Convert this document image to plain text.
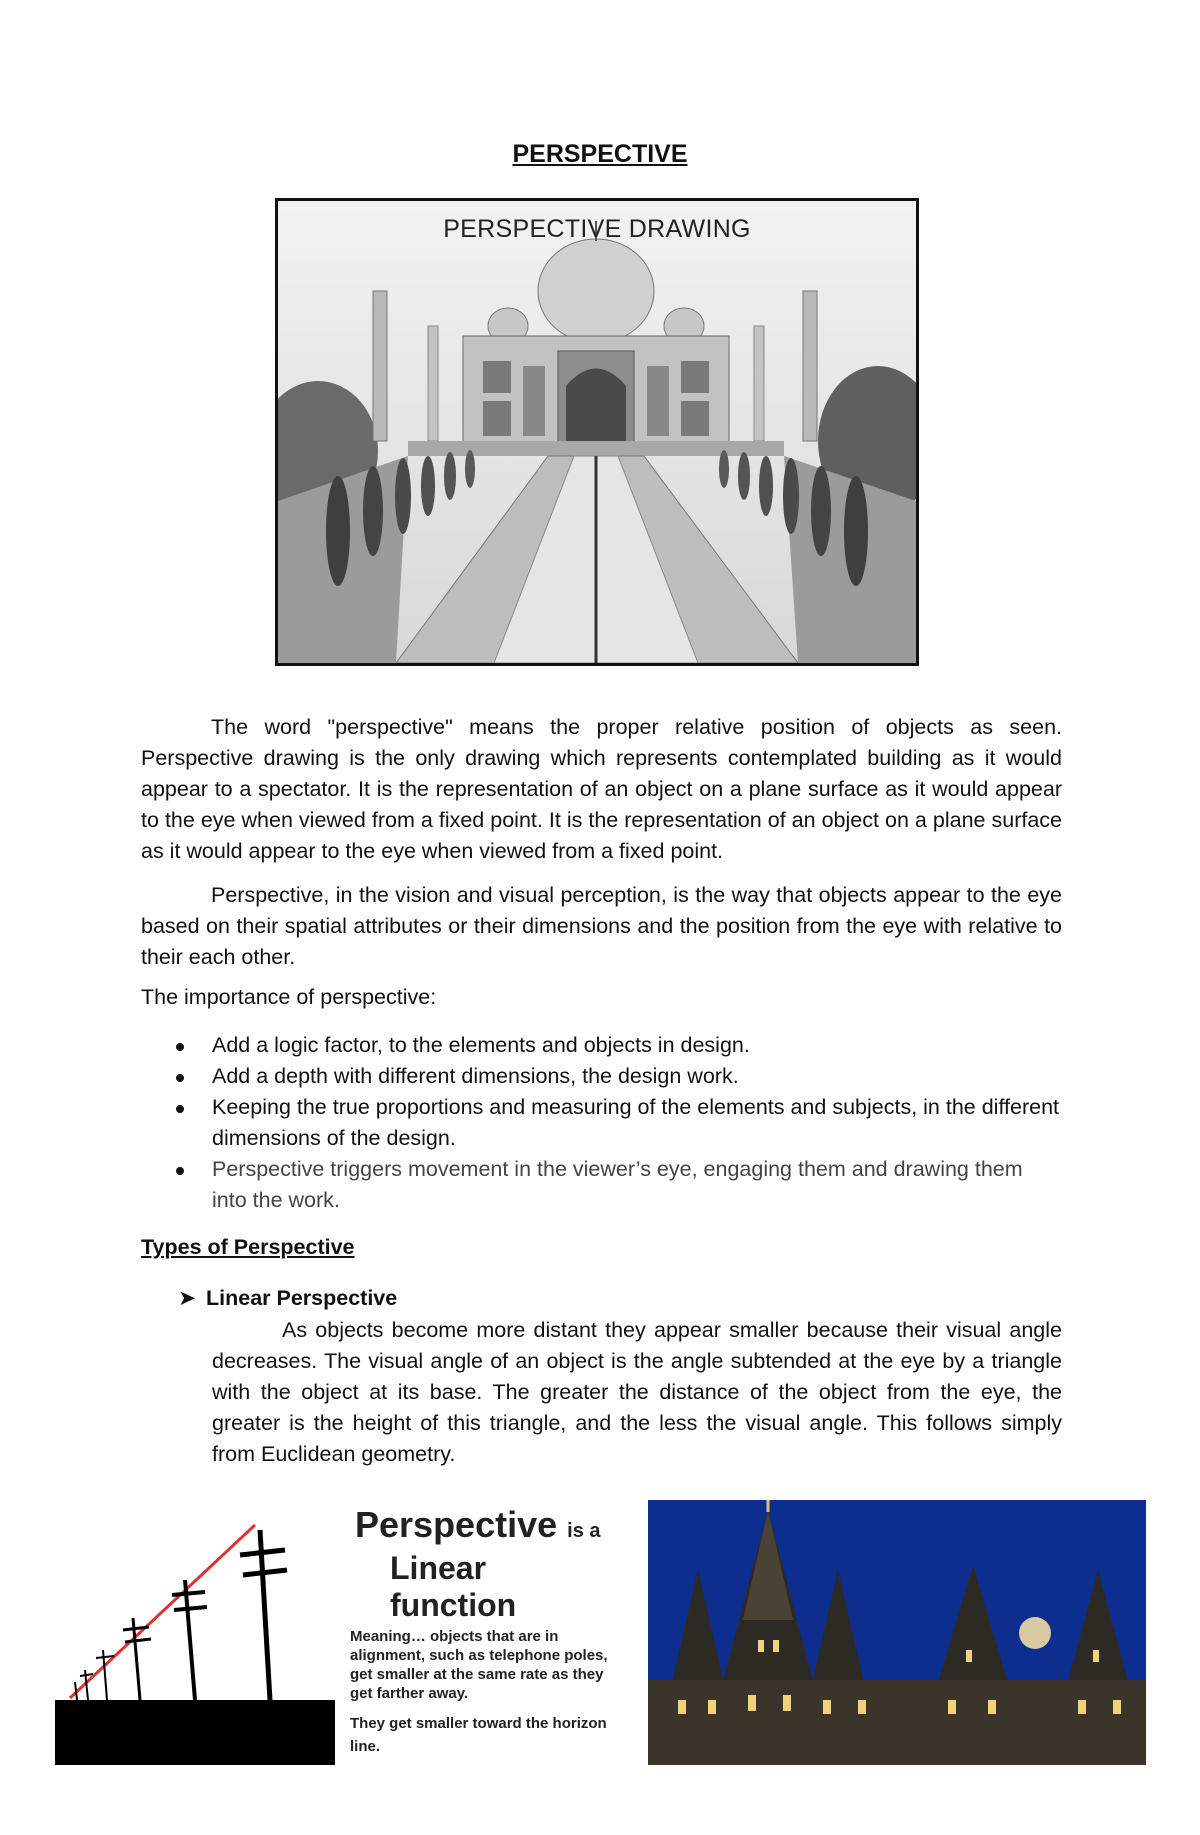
PERSPECTIVE
PERSPECTIVE DRAWING

The word "perspective" means the proper relative position of objects as seen. Perspective drawing is the only drawing which represents contemplated building as it would appear to a spectator. It is the representation of an object on a plane surface as it would appear to the eye when viewed from a fixed point. It is the representation of an object on a plane surface as it would appear to the eye when viewed from a fixed point.

Perspective, in the vision and visual perception, is the way that objects appear to the eye based on their spatial attributes or their dimensions and the position from the eye with relative to their each other.

The importance of perspective:

Add a logic factor, to the elements and objects in design.
Add a depth with different dimensions, the design work.
Keeping the true proportions and measuring of the elements and subjects, in the different dimensions of the design.
Perspective triggers movement in the viewer’s eye, engaging them and drawing them into the work.

Types of Perspective

➤ Linear Perspective

As objects become more distant they appear smaller because their visual angle decreases. The visual angle of an object is the angle subtended at the eye by a triangle with the object at its base. The greater the distance of the object from the eye, the greater is the height of this triangle, and the less the visual angle. This follows simply from Euclidean geometry.

Perspective is a
Linear function
Meaning… objects that are in alignment, such as telephone poles, get smaller at the same rate as they get farther away.
They get smaller toward the horizon line.
